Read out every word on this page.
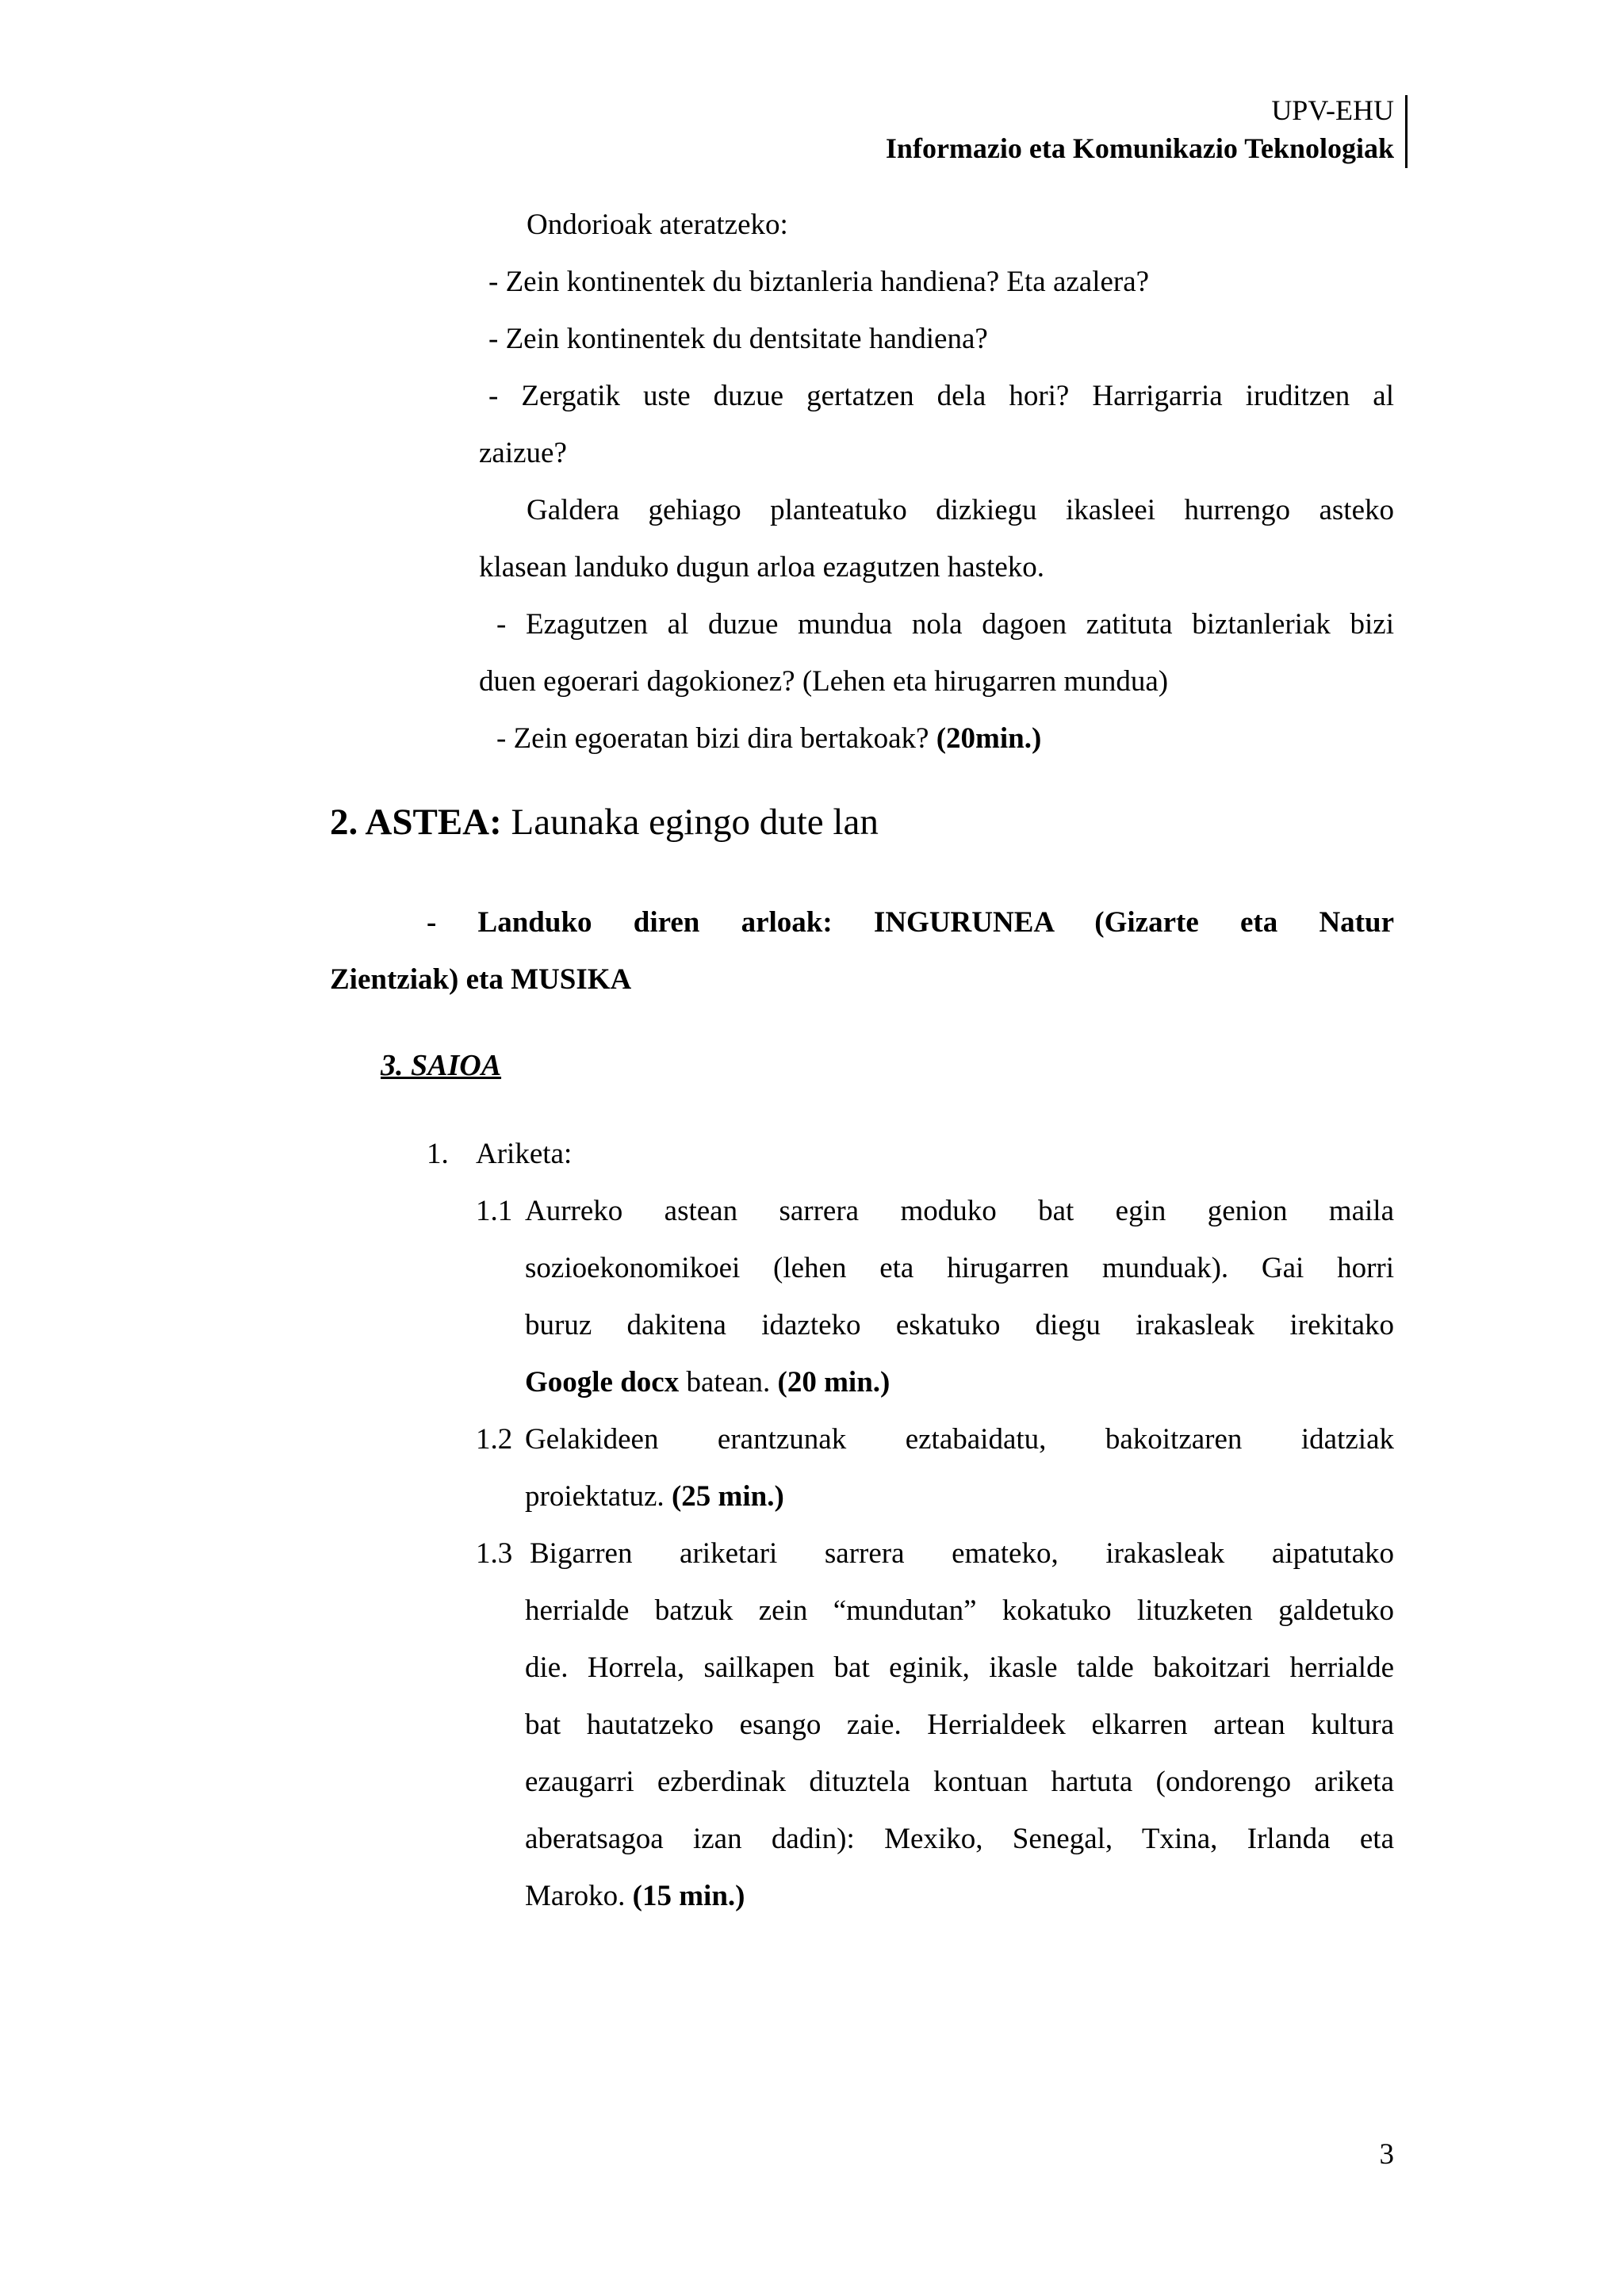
UPV-EHU
Informazio eta Komunikazio Teknologiak
Ondorioak ateratzeko:
- Zein kontinentek du biztanleria handiena? Eta azalera?
- Zein kontinentek du dentsitate handiena?
- Zergatik uste duzue gertatzen dela hori? Harrigarria iruditzen al
zaizue?
Galdera gehiago planteatuko dizkiegu ikasleei hurrengo asteko
klasean landuko dugun arloa ezagutzen hasteko.
- Ezagutzen al duzue mundua nola dagoen zatituta biztanleriak bizi
duen egoerari dagokionez? (Lehen eta hirugarren mundua)
- Zein egoeratan bizi dira bertakoak? (20min.)
2. ASTEA: Launaka egingo dute lan
- Landuko diren arloak: INGURUNEA (Gizarte eta Natur
Zientziak) eta MUSIKA
3. SAIOA
1. Ariketa:
1.1 Aurreko astean sarrera moduko bat egin genion maila
sozioekonomikoei (lehen eta hirugarren munduak). Gai horri
buruz dakitena idazteko eskatuko diegu irakasleak irekitako
Google docx batean. (20 min.)
1.2 Gelakideen erantzunak eztabaidatu, bakoitzaren idatziak
proiektatuz. (25 min.)
1.3 Bigarren ariketari sarrera emateko, irakasleak aipatutako
herrialde batzuk zein “mundutan” kokatuko lituzketen galdetuko
die. Horrela, sailkapen bat eginik, ikasle talde bakoitzari herrialde
bat hautatzeko esango zaie. Herrialdeek elkarren artean kultura
ezaugarri ezberdinak dituztela kontuan hartuta (ondorengo ariketa
aberatsagoa izan dadin): Mexiko, Senegal, Txina, Irlanda eta
Maroko. (15 min.)
3
